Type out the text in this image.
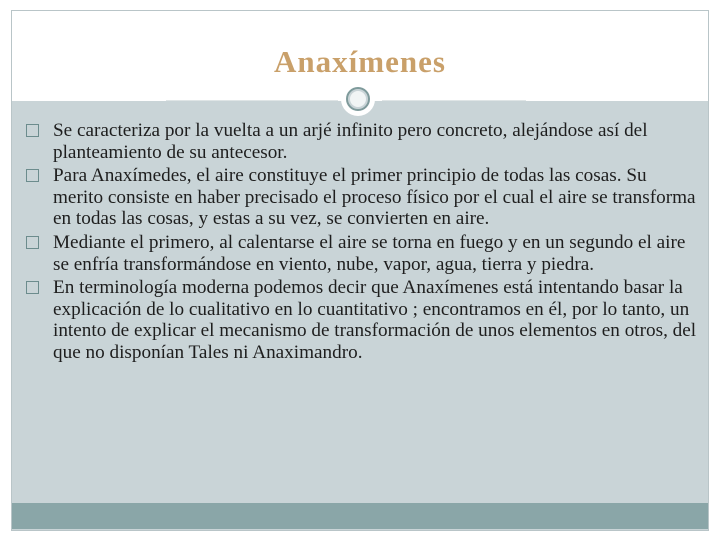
Anaxímenes
Se caracteriza por la vuelta a un arjé infinito pero concreto, alejándose así del planteamiento de su antecesor.
Para Anaxímedes, el aire constituye el primer principio de todas las cosas. Su merito consiste en haber precisado el proceso físico por el cual el aire se transforma en todas las cosas, y estas a su vez, se convierten en aire.
Mediante el primero, al calentarse el aire se torna en fuego y en un segundo el aire se enfría transformándose en viento, nube, vapor, agua, tierra y piedra.
En terminología moderna podemos decir que Anaxímenes está intentando basar la explicación de lo cualitativo en lo cuantitativo ; encontramos en él, por lo tanto, un intento de explicar el mecanismo de transformación de unos elementos en otros, del que no disponían Tales ni Anaximandro.
